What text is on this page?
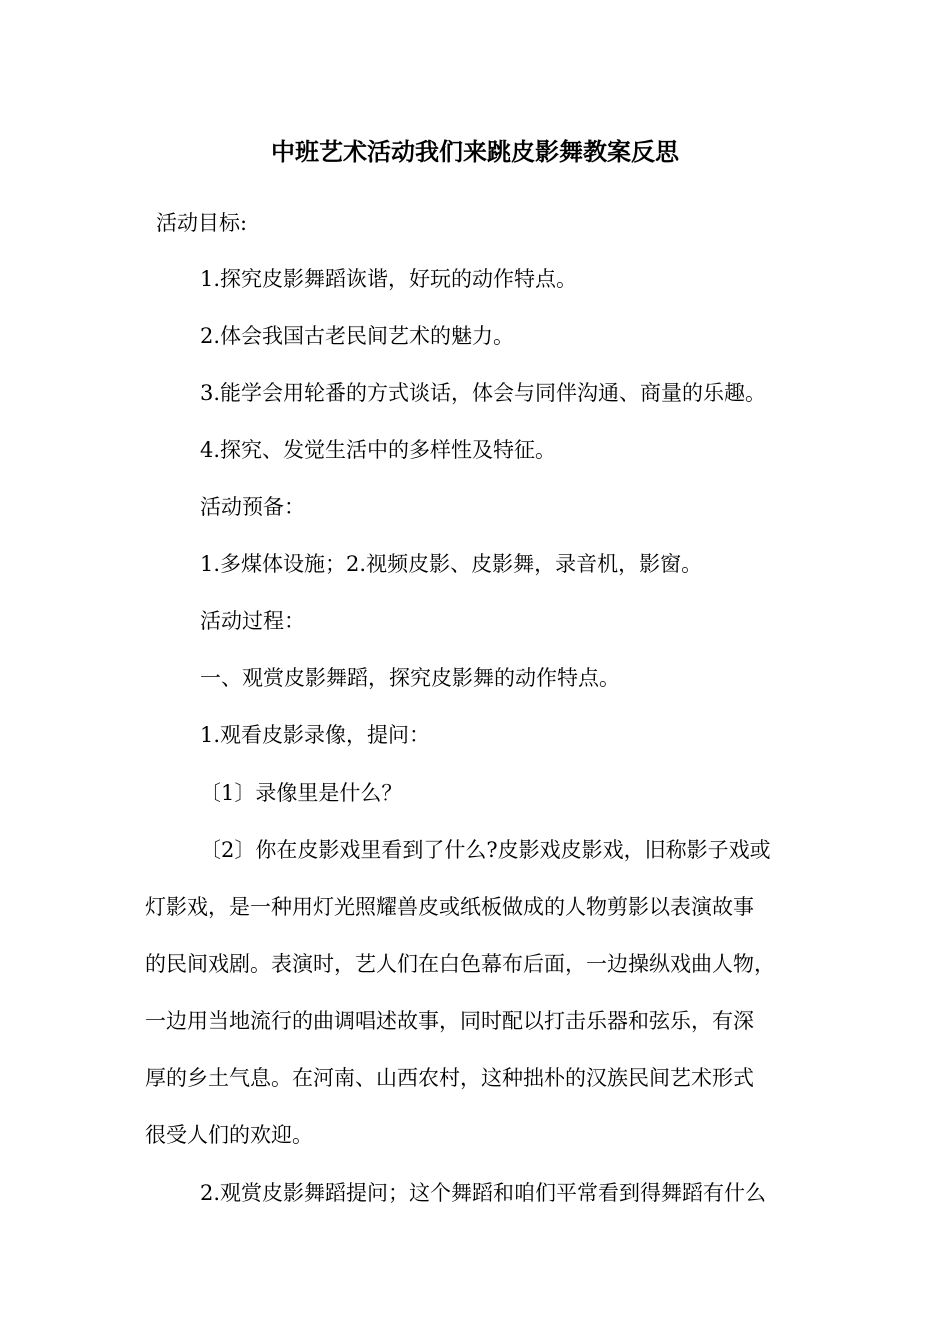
中班艺术活动我们来跳皮影舞教案反思
活动目标:
1.探究皮影舞蹈诙谐，好玩的动作特点。
2.体会我国古老民间艺术的魅力。
3.能学会用轮番的方式谈话，体会与同伴沟通、商量的乐趣。
4.探究、发觉生活中的多样性及特征。
活动预备：
1.多煤体设施；2.视频皮影、皮影舞，录音机，影窗。
活动过程：
一、观赏皮影舞蹈，探究皮影舞的动作特点。
1.观看皮影录像，提问：
〔1〕录像里是什么？
〔2〕你在皮影戏里看到了什么?皮影戏皮影戏，旧称影子戏或
灯影戏，是一种用灯光照耀兽皮或纸板做成的人物剪影以表演故事
的民间戏剧。表演时，艺人们在白色幕布后面，一边操纵戏曲人物，
一边用当地流行的曲调唱述故事，同时配以打击乐器和弦乐，有深
厚的乡土气息。在河南、山西农村，这种拙朴的汉族民间艺术形式
很受人们的欢迎。
2.观赏皮影舞蹈提问；这个舞蹈和咱们平常看到得舞蹈有什么
